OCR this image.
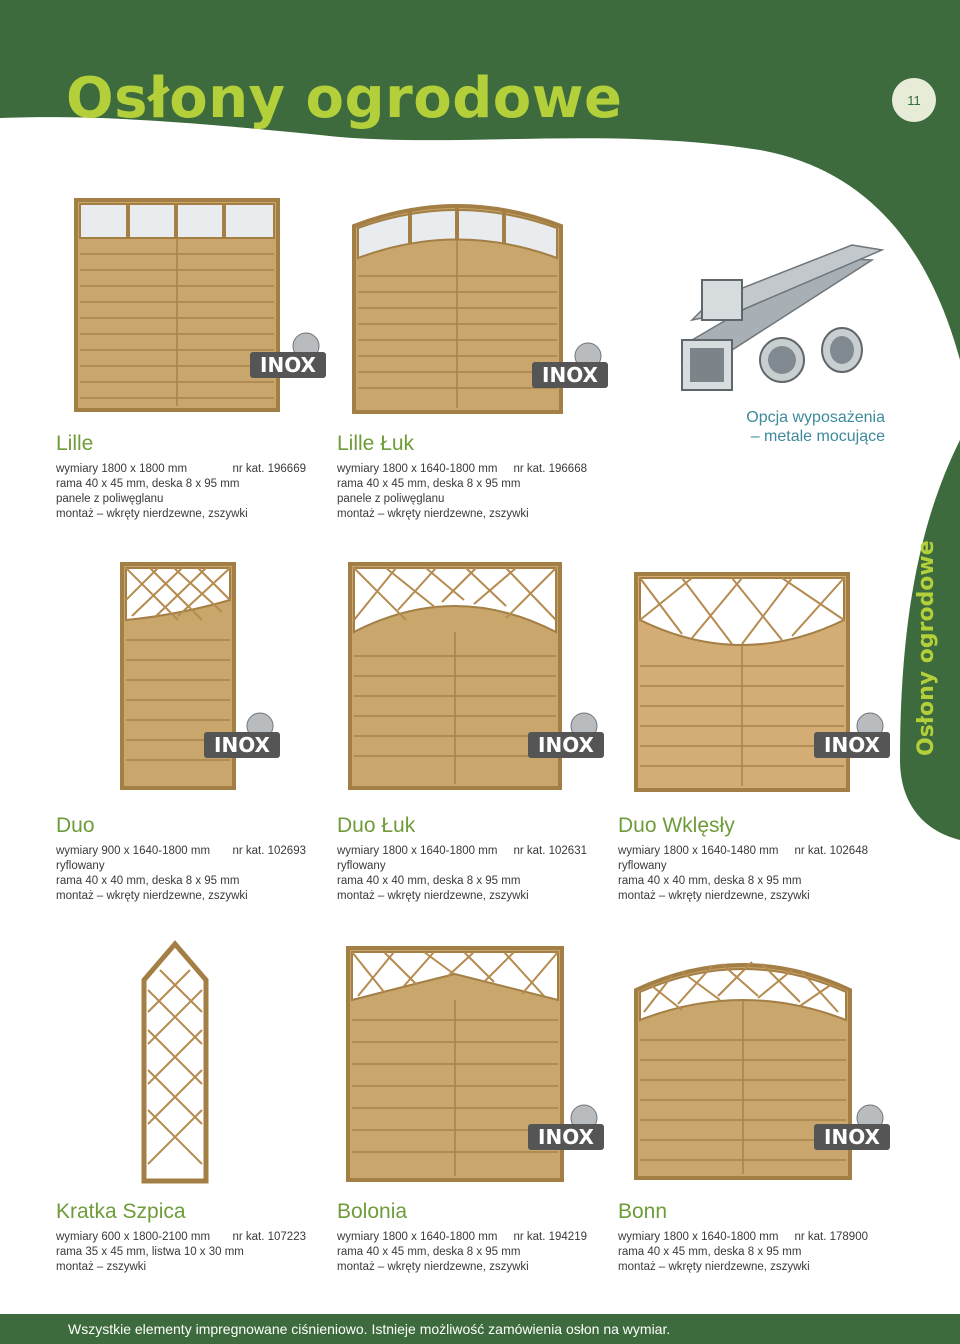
Osłony ogrodowe	11
Osłony ogrodowe
INOX	INOX
Lille
wymiary 1800 x 1800 mm	nr kat. 196669
rama 40 x 45 mm, deska 8 x 95 mm
panele z poliwęglanu
montaż – wkręty nierdzewne, zszywki
Lille Łuk
wymiary 1800 x 1640-1800 mm nr kat. 196668
rama 40 x 45 mm, deska 8 x 95 mm
panele z poliwęglanu
montaż – wkręty nierdzewne, zszywki
Opcja wyposażenia
– metale mocujące
INOX	INOX	INOX
Duo
wymiary 900 x 1640-1800 mm nr kat. 102693
ryflowany
rama 40 x 40 mm, deska 8 x 95 mm
montaż – wkręty nierdzewne, zszywki
Duo Łuk
wymiary 1800 x 1640-1800 mm nr kat. 102631
ryflowany
rama 40 x 40 mm, deska 8 x 95 mm
montaż – wkręty nierdzewne, zszywki
Duo Wklęsły
wymiary 1800 x 1640-1480 mm nr kat. 102648
ryflowany
rama 40 x 40 mm, deska 8 x 95 mm
montaż – wkręty nierdzewne, zszywki
INOX	INOX
Kratka Szpica
wymiary 600 x 1800-2100 mm nr kat. 107223
rama 35 x 45 mm, listwa 10 x 30 mm
montaż – zszywki
Bolonia
wymiary 1800 x 1640-1800 mm nr kat. 194219
rama 40 x 45 mm, deska 8 x 95 mm
montaż – wkręty nierdzewne, zszywki
Bonn
wymiary 1800 x 1640-1800 mm nr kat. 178900
rama 40 x 45 mm, deska 8 x 95 mm
montaż – wkręty nierdzewne, zszywki
Wszystkie elementy impregnowane ciśnieniowo. Istnieje możliwość zamówienia osłon na wymiar.
